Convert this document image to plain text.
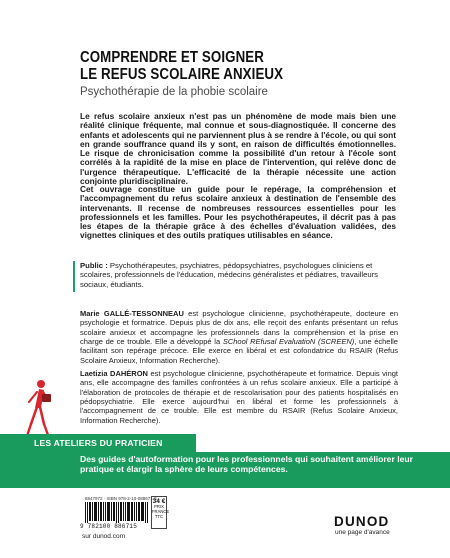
COMPRENDRE ET SOIGNER
LE REFUS SCOLAIRE ANXIEUX
Psychothérapie de la phobie scolaire
Le refus scolaire anxieux n'est pas un phénomène de mode mais bien une réalité clinique fréquente, mal connue et sous-diagnostiquée. Il concerne des enfants et adolescents qui ne parviennent plus à se rendre à l'école, ou qui sont en grande souffrance quand ils y sont, en raison de difficultés émotionnelles. Le risque de chronicisation comme la possibilité d'un retour à l'école sont corrélés à la rapidité de la mise en place de l'intervention, qui relève donc de l'urgence thérapeutique. L'efficacité de la thérapie nécessite une action conjointe pluridisciplinaire.
Cet ouvrage constitue un guide pour le repérage, la compréhension et l'accompagnement du refus scolaire anxieux à destination de l'ensemble des intervenants. Il recense de nombreuses ressources essentielles pour les professionnels et les familles. Pour les psychothérapeutes, il décrit pas à pas les étapes de la thérapie grâce à des échelles d'évaluation validées, des vignettes cliniques et des outils pratiques utilisables en séance.
Public : Psychothérapeutes, psychiatres, pédopsychiatres, psychologues cliniciens et scolaires, professionnels de l'éducation, médecins généralistes et pédiatres, travailleurs sociaux, étudiants.
Marie GALLÉ-TESSONNEAU est psychologue clinicienne, psychothérapeute, docteure en psychologie et formatrice. Depuis plus de dix ans, elle reçoit des enfants présentant un refus scolaire anxieux et accompagne les professionnels dans la compréhension et la prise en charge de ce trouble. Elle a développé la SChool REfusal EvaluatioN (SCREEN), une échelle facilitant son repérage précoce. Elle exerce en libéral et est cofondatrice du RSAIR (Refus Scolaire Anxieux, Information Recherche).
Laetizia DAHÉRON est psychologue clinicienne, psychothérapeute et formatrice. Depuis vingt ans, elle accompagne des familles confrontées à un refus scolaire anxieux. Elle a participé à l'élaboration de protocoles de thérapie et de rescolarisation pour des patients hospitalisés en pédopsychiatrie. Elle exerce aujourd'hui en libéral et forme les professionnels à l'accompagnement de ce trouble. Elle est membre du RSAIR (Refus Scolaire Anxieux, Information Recherche).
LES ATELIERS DU PRATICIEN
Des guides d'autoformation pour les professionnels qui souhaitent améliorer leur pratique et élargir la sphère de leurs compétences.
8847972 · ISBN 978-2-10-088671-5
9 782100 886715
34 €
PRIX
FRANCE
TTC
sur dunod.com
DUNOD
une page d'avance
